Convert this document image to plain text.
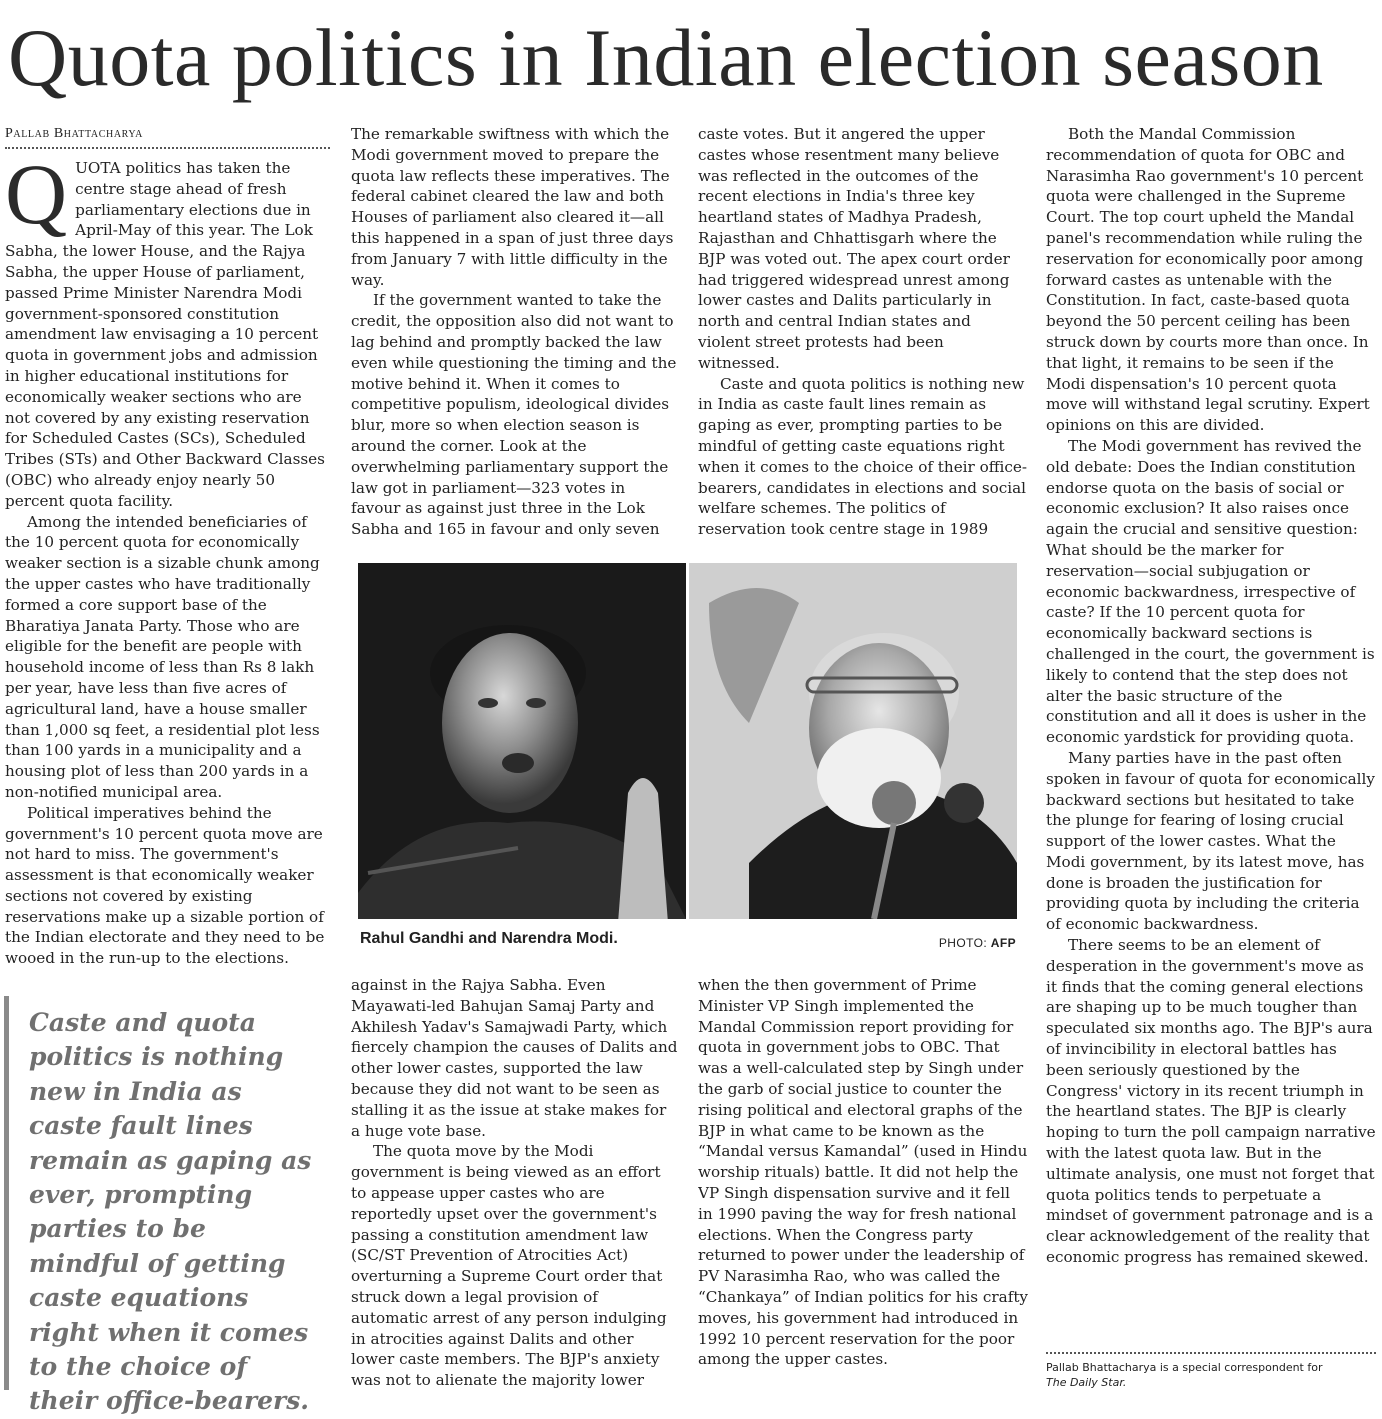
Quota politics in Indian election season
Pallab Bhattacharya

QUOTA politics has taken the centre stage ahead of fresh parliamentary elections due in April-May of this year. The Lok Sabha, the lower House, and the Rajya Sabha, the upper House of parliament, passed Prime Minister Narendra Modi government-sponsored constitution amendment law envisaging a 10 percent quota in government jobs and admission in higher educational institutions for economically weaker sections who are not covered by any existing reservation for Scheduled Castes (SCs), Scheduled Tribes (STs) and Other Backward Classes (OBC) who already enjoy nearly 50 percent quota facility.

Among the intended beneficiaries of the 10 percent quota for economically weaker section is a sizable chunk among the upper castes who have traditionally formed a core support base of the Bharatiya Janata Party. Those who are eligible for the benefit are people with household income of less than Rs 8 lakh per year, have less than five acres of agricultural land, have a house smaller than 1,000 sq feet, a residential plot less than 100 yards in a municipality and a housing plot of less than 200 yards in a non-notified municipal area.

Political imperatives behind the government's 10 percent quota move are not hard to miss. The government's assessment is that economically weaker sections not covered by existing reservations make up a sizable portion of the Indian electorate and they need to be wooed in the run-up to the elections.

Caste and quota politics is nothing new in India as caste fault lines remain as gaping as ever, prompting parties to be mindful of getting caste equations right when it comes to the choice of their office-bearers.

The remarkable swiftness with which the Modi government moved to prepare the quota law reflects these imperatives. The federal cabinet cleared the law and both Houses of parliament also cleared it—all this happened in a span of just three days from January 7 with little difficulty in the way.

If the government wanted to take the credit, the opposition also did not want to lag behind and promptly backed the law even while questioning the timing and the motive behind it. When it comes to competitive populism, ideological divides blur, more so when election season is around the corner. Look at the overwhelming parliamentary support the law got in parliament—323 votes in favour as against just three in the Lok Sabha and 165 in favour and only seven

caste votes. But it angered the upper castes whose resentment many believe was reflected in the outcomes of the recent elections in India's three key heartland states of Madhya Pradesh, Rajasthan and Chhattisgarh where the BJP was voted out. The apex court order had triggered widespread unrest among lower castes and Dalits particularly in north and central Indian states and violent street protests had been witnessed.

Caste and quota politics is nothing new in India as caste fault lines remain as gaping as ever, prompting parties to be mindful of getting caste equations right when it comes to the choice of their office-bearers, candidates in elections and social welfare schemes. The politics of reservation took centre stage in 1989

Rahul Gandhi and Narendra Modi.	PHOTO: AFP

against in the Rajya Sabha. Even Mayawati-led Bahujan Samaj Party and Akhilesh Yadav's Samajwadi Party, which fiercely champion the causes of Dalits and other lower castes, supported the law because they did not want to be seen as stalling it as the issue at stake makes for a huge vote base.

The quota move by the Modi government is being viewed as an effort to appease upper castes who are reportedly upset over the government's passing a constitution amendment law (SC/ST Prevention of Atrocities Act) overturning a Supreme Court order that struck down a legal provision of automatic arrest of any person indulging in atrocities against Dalits and other lower caste members. The BJP's anxiety was not to alienate the majority lower

when the then government of Prime Minister VP Singh implemented the Mandal Commission report providing for quota in government jobs to OBC. That was a well-calculated step by Singh under the garb of social justice to counter the rising political and electoral graphs of the BJP in what came to be known as the “Mandal versus Kamandal” (used in Hindu worship rituals) battle. It did not help the VP Singh dispensation survive and it fell in 1990 paving the way for fresh national elections. When the Congress party returned to power under the leadership of PV Narasimha Rao, who was called the “Chankaya” of Indian politics for his crafty moves, his government had introduced in 1992 10 percent reservation for the poor among the upper castes.

Both the Mandal Commission recommendation of quota for OBC and Narasimha Rao government's 10 percent quota were challenged in the Supreme Court. The top court upheld the Mandal panel's recommendation while ruling the reservation for economically poor among forward castes as untenable with the Constitution. In fact, caste-based quota beyond the 50 percent ceiling has been struck down by courts more than once. In that light, it remains to be seen if the Modi dispensation's 10 percent quota move will withstand legal scrutiny. Expert opinions on this are divided.

The Modi government has revived the old debate: Does the Indian constitution endorse quota on the basis of social or economic exclusion? It also raises once again the crucial and sensitive question: What should be the marker for reservation—social subjugation or economic backwardness, irrespective of caste? If the 10 percent quota for economically backward sections is challenged in the court, the government is likely to contend that the step does not alter the basic structure of the constitution and all it does is usher in the economic yardstick for providing quota.

Many parties have in the past often spoken in favour of quota for economically backward sections but hesitated to take the plunge for fearing of losing crucial support of the lower castes. What the Modi government, by its latest move, has done is broaden the justification for providing quota by including the criteria of economic backwardness.

There seems to be an element of desperation in the government's move as it finds that the coming general elections are shaping up to be much tougher than speculated six months ago. The BJP's aura of invincibility in electoral battles has been seriously questioned by the Congress' victory in its recent triumph in the heartland states. The BJP is clearly hoping to turn the poll campaign narrative with the latest quota law. But in the ultimate analysis, one must not forget that quota politics tends to perpetuate a mindset of government patronage and is a clear acknowledgement of the reality that economic progress has remained skewed.

Pallab Bhattacharya is a special correspondent for
The Daily Star.
